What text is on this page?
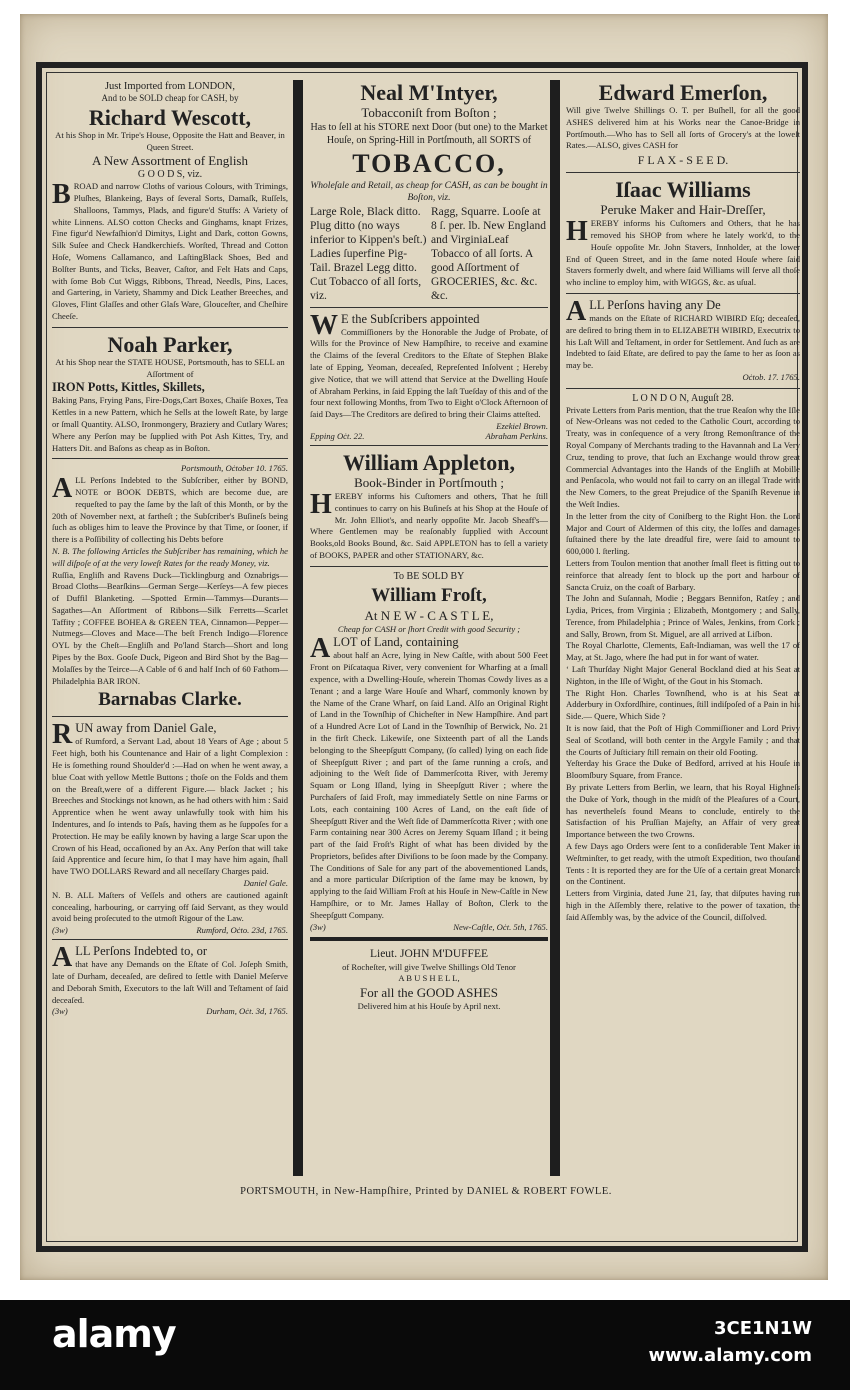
Just Imported from LONDON,

And to be SOLD cheap for CASH, by

Richard Wescott,

At his Shop in Mr. Tripe's House, Opposite the Hatt and Beaver, in Queen Street.

A New Assortment of English

G O O D S, viz.

BROAD and narrow Cloths of various Colours, with Trimings, Pluſhes, Blankeing, Bays of ſeveral Sorts, Damaſk, Ruſſels, Shalloons, Tammys, Plads, and figure'd Stuffs: A Variety of white Linnens. ALSO cotton Checks and Ginghams, knapt Frizes, Fine figur'd Newfaſhion'd Dimitys, Light and Dark, cotton Gowns, Silk Suſee and Check Handkerchiefs. Worſted, Thread and Cotton Hoſe, Womens Callamanco, and LaſtingBlack Shoes, Bed and Bolſter Bunts, and Ticks, Beaver, Caſtor, and Felt Hats and Caps, with ſome Bob Cut Wiggs, Ribbons, Thread, Needls, Pins, Laces, and Gartering, in Variety, Shammy and Dick Leather Breeches, and Gloves, Flint Glaſſes and other Glaſs Ware, Glouceſter, and Cheſhire Cheeſe.

Noah Parker,

At his Shop near the STATE HOUSE, Portsmouth, has to SELL an Aſſortment of

IRON Potts, Kittles, Skillets,

Baking Pans, Frying Pans, Fire-Dogs,Cart Boxes, Chaiſe Boxes, Tea Kettles in a new Pattern, which he Sells at the loweſt Rate, by large or ſmall Quantity. ALSO, Ironmongery, Braziery and Cutlary Wares; Where any Perſon may be ſupplied with Pot Ash Kittes, Try, and Hatters Dit. and Baſons as cheap as in Boſton.

Portsmouth, Oċtober 10. 1765.

ALL Perſons Indebted to the Subſcriber, either by BOND, NOTE or BOOK DEBTS, which are become due, are requeſted to pay the ſame by the laſt of this Month, or by the 20th of November next, at fartheſt ; the Subſcriber's Buſineſs being ſuch as obliges him to leave the Province by that Time, or ſooner, if there is a Poſſibility of collecting his Debts before

N. B. The following Articles the Subſcriber has remaining, which he will diſpoſe of at the very loweſt Rates for the ready Money, viz.

Ruſſia, Engliſh and Ravens Duck—Ticklingburg and Oznabrigs—Broad Cloths—Bearſkins—German Serge—Kerſeys—A few pieces of Duffil Blanketing. —Spotted Ermin—Tammys—Durants—Sagathes—An Aſſortment of Ribbons—Silk Ferretts—Scarlet Taffity ; COFFEE BOHEA & GREEN TEA, Cinnamon—Pepper—Nutmegs—Cloves and Mace—The beſt French Indigo—Florence OYL by the Cheſt—Engliſh and Po'land Starch—Short and long Pipes by the Box. Gooſe Duck, Pigeon and Bird Shot by the Bag—Molaſſes by the Teirce—A Cable of 6 and half Inch of 60 Fathom—Philadelphia BAR IRON.

Barnabas Clarke.

RUN away from Daniel Gale,

of Rumford, a Servant Lad, about 18 Years of Age ; about 5 Feet high, both his Countenance and Hair of a light Complexion : He is ſomething round Shoulder'd :—Had on when he went away, a blue Coat with yellow Mettle Buttons ; thoſe on the Folds and them on the Breaſt,were of a different Figure.— black Jacket ; his Breeches and Stockings not known, as he had others with him : Said Apprentice when he went away unlawfully took with him his Indentures, and ſo intends to Paſs, having them as he ſuppoſes for a Protection. He may be eaſily known by having a large Scar upon the Crown of his Head, occaſioned by an Ax. Any Perſon that will take ſaid Apprentice and ſecure him, ſo that I may have him again, ſhall have TWO DOLLARS Reward and all neceſſary Charges paid.

Daniel Gale.

N. B. ALL Maſters of Veſſels and others are cautioned againſt concealing, harbouring, or carrying off ſaid Servant, as they would avoid being proſecuted to the utmoſt Rigour of the Law.

(3w)	Rumford, Oċto. 23d, 1765.

ALL Perſons Indebted to, or

that have any Demands on the Eſtate of Col. Joſeph Smith, late of Durham, deceaſed, are deſired to ſettle with Daniel Meſerve and Deborah Smith, Executors to the laſt Will and Teſtament of ſaid deceaſed.

(3w)	Durham, Oċt. 3d, 1765.

Neal M'Intyer,

Tobacconiſt from Boſton ;

Has to ſell at his STORE next Door (but one) to the Market Houſe, on Spring-Hill in Portſmouth, all SORTS of

TOBACCO,

Wholeſale and Retail, as cheap for CASH, as can be bought in Boſton, viz.

Large Role, Black ditto. Plug ditto (no ways inferior to Kippen's beſt.) Ladies ſuperfine Pig-Tail. Brazel Legg ditto. Cut Tobacco of all ſorts, viz.
Ragg, Squarre. Looſe at 8 ſ. per. lb. New England and VirginiaLeaf Tobacco of all ſorts. A good Aſſortment of GROCERIES, &c. &c. &c.

W E the Subſcribers appointed

Commiſſioners by the Honorable the Judge of Probate, of Wills for the Province of New Hampſhire, to receive and examine the Claims of the ſeveral Creditors to the Eſtate of Stephen Blake late of Epping, Yeoman, deceaſed, Repreſented Inſolvent ; Hereby give Notice, that we will attend that Service at the Dwelling Houſe of Abraham Perkins, in ſaid Epping the laſt Tueſday of this and of the four next following Months, from Two to Eight o'Clock Afternoon of ſaid Days—The Creditors are deſired to bring their Claims atteſted.

Ezekiel Brown.
Epping Oċt. 22.	Abraham Perkins.

William Appleton,

Book-Binder in Portſmouth ;

HEREBY informs his Cuſtomers and others, That he ſtill continues to carry on his Buſineſs at his Shop at the Houſe of Mr. John Elliot's, and nearly oppoſite Mr. Jacob Sheaff's—Where Gentlemen may be reaſonably ſupplied with Account Books,old Books Bound, &c. Said APPLETON has to ſell a variety of BOOKS, PAPER and other STATIONARY, &c.

To BE SOLD BY

William Froſt,

At N E W - C A S T L E,

Cheap for CASH or ſhort Credit with good Security ;

ALOT of Land, containing

about half an Acre, lying in New Caſtle, with about 500 Feet Front on Piſcataqua River, very convenient for Wharfing at a ſmall expence, with a Dwelling-Houſe, wherein Thomas Cowdy lives as a Tenant ; and a large Ware Houſe and Wharf, commonly known by the Name of the Crane Wharf, on ſaid Land. Alſo an Original Right of Land in the Townſhip of Chicheſter in New Hampſhire. And part of a Hundred Acre Lot of Land in the Townſhip of Berwick, No. 21 in the firſt Check. Likewiſe, one Sixteenth part of all the Lands belonging to the Sheepſgutt Company, (ſo called) lying on each ſide of Sheepſgutt River ; and part of the ſame running a croſs, and adjoining to the Weſt ſide of Dammerſcotta River, with Jeremy Squam or Long Iſland, lying in Sheepſgutt River ; where the Purchaſers of ſaid Froſt, may immediately Settle on nine Farms or Lots, each containing 100 Acres of Land, on the eaſt ſide of Sheepſgutt River and the Weſt ſide of Dammerſcotta River ; with one Farm containing near 300 Acres on Jeremy Squam Iſland ; it being part of the ſaid Froſt's Right of what has been divided by the Proprietors, beſides after Diviſions to be ſoon made by the Company. The Conditions of Sale for any part of the abovementioned Lands, and a more particular Diſcription of the ſame may be known, by applying to the ſaid William Froſt at his Houſe in New-Caſtle in New Hampſhire, or to Mr. James Hallay of Boſton, Clerk to the Sheepſgutt Company.

(3w)	New-Caſtle, Oċt. 5th, 1765.

Lieut. JOHN M'DUFFEE

of Rocheſter, will give Twelve Shillings Old Tenor

A B U S H E L L,

For all the GOOD ASHES

Delivered him at his Houſe by April next.

Edward Emerſon,

Will give Twelve Shillings O. T. per Buſhell, for all the good ASHES delivered him at his Works near the Canoe-Bridge in Portſmouth.—Who has to Sell all ſorts of Grocery's at the loweſt Rates.—ALSO, gives CASH for

F L A X - S E E D.

Iſaac Williams

Peruke Maker and Hair-Dreſſer,

HEREBY informs his Cuſtomers and Others, that he has removed his SHOP from where he lately work'd, to the Houſe oppoſite Mr. John Stavers, Innholder, at the lower End of Queen Street, and in the ſame noted Houſe where ſaid Stavers formerly dwelt, and where ſaid Williams will ſerve all thoſe who incline to employ him, with WIGGS, &c. as uſual.

ALL Perſons having any De

mands on the Eſtate of RICHARD WIBIRD Eſq; deceaſed, are deſired to bring them in to ELIZABETH WIBIRD, Executrix to his Laſt Will and Teſtament, in order for Settlement. And ſuch as are Indebted to ſaid Eſtate, are deſired to pay the ſame to her as ſoon as may be.

Oċtob. 17. 1765.

L O N D O N, Auguſt 28.

Private Letters from Paris mention, that the true Reaſon why the Iſle of New-Orleans was not ceded to the Catholic Court, according to Treaty, was in conſequence of a very ſtrong Remonſtrance of the Royal Company of Merchants trading to the Havannah and La Very Cruz, tending to prove, that ſuch an Exchange would throw great Commercial Advantages into the Hands of the Engliſh at Mobille and Penſacola, who would not fail to carry on an illegal Trade with the New Comers, to the great Prejudice of the Spaniſh Revenue in the Weſt Indies.

In the letter from the city of Coniſberg to the Right Hon. the Lord Major and Court of Aldermen of this city, the loſſes and damages ſuſtained there by the late dreadful fire, were ſaid to amount to 600,000 l. ſterling.

Letters from Toulon mention that another ſmall fleet is fitting out to reinforce that already ſent to block up the port and harbour of Sancta Cruiz, on the coaſt of Barbary.

The John and Suſannah, Modie ; Beggars Bennifon, Ratſey ; and Lydia, Prices, from Virginia ; Elizabeth, Montgomery ; and Sally, Terence, from Philadelphia ; Prince of Wales, Jenkins, from Cork ; and Sally, Brown, from St. Miguel, are all arrived at Liſbon.

The Royal Charlotte, Clements, Eaſt-Indiaman, was well the 17 of May, at St. Jago, where ſhe had put in for want of water.

‘ Laſt Thurſday Night Major General Bockland died at his Seat at Nighton, in the Iſle of Wight, of the Gout in his Stomach.

The Right Hon. Charles Townſhend, who is at his Seat at Adderbury in Oxfordſhire, continues, ſtill indiſpoſed of a Pain in his Side.— Quere, Which Side ?

It is now ſaid, that the Poſt of High Commiſſioner and Lord Privy Seal of Scotland, will both center in the Argyle Family ; and that the Courts of Juſticiary ſtill remain on their old Footing.

Yeſterday his Grace the Duke of Bedford, arrived at his Houſe in Bloomſbury Square, from France.

By private Letters from Berlin, we learn, that his Royal Highneſs the Duke of York, though in the midſt of the Pleaſures of a Court, has nevertheleſs found Means to conclude, entirely to the Satisfaction of his Pruſſian Majeſty, an Affair of very great Importance between the two Crowns.

A few Days ago Orders were ſent to a conſiderable Tent Maker in Weſtminſter, to get ready, with the utmoſt Expedition, two thouſand Tents : It is reported they are for the Uſe of a certain great Monarch on the Continent.

Letters from Virginia, dated June 21, ſay, that diſputes having run high in the Aſſembly there, relative to the power of taxation, the ſaid Aſſembly was, by the advice of the Council, diſſolved.

PORTSMOUTH, in New-Hampſhire, Printed by DANIEL & ROBERT FOWLE.
alamy	3CE1N1W
www.alamy.com
